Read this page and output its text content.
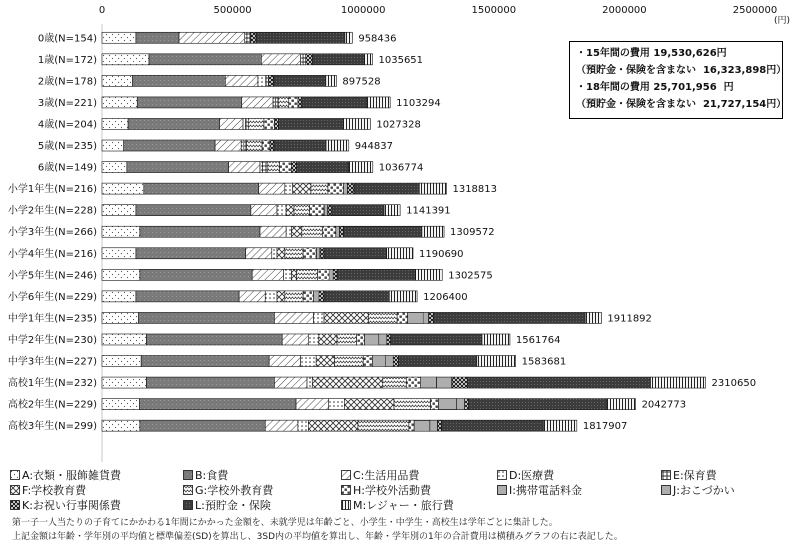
0	500000	1000000	1500000	2000000	2500000
(円)
0歳(N=154)	958436
1歳(N=172)	1035651
2歳(N=178)	897528
3歳(N=221)	1103294
4歳(N=204)	1027328
5歳(N=235)	944837
6歳(N=149)	1036774
小学1年生(N=216)	1318813
小学2年生(N=228)	1141391
小学3年生(N=266)	1309572
小学4年生(N=216)	1190690
小学5年生(N=246)	1302575
小学6年生(N=229)	1206400
中学1年生(N=235)	1911892
中学2年生(N=230)	1561764
中学3年生(N=227)	1583681
高校1年生(N=232)	2310650
高校2年生(N=229)	2042773
高校3年生(N=299)	1817907
・15年間の費用 19,530,626円
（預貯金・保険を含まない 16,323,898円）
・18年間の費用 25,701,956 円
（預貯金・保険を含まない 21,727,154円）
A:衣類・服飾雑貨費	B:食費	C:生活用品費	D:医療費	E:保育費
F:学校教育費	G:学校外教育費	H:学校外活動費	I:携帯電話料金	J:おこづかい
K:お祝い行事関係費	L:預貯金・保険	M:レジャー・旅行費
第一子一人当たりの子育てにかかわる1年間にかかった金額を、未就学児は年齢ごと、小学生・中学生・高校生は学年ごとに集計した。
上記金額は年齢・学年別の平均値と標準偏差(SD)を算出し、3SD内の平均値を算出し、年齢・学年別の1年の合計費用は横積みグラフの右に表記した。
